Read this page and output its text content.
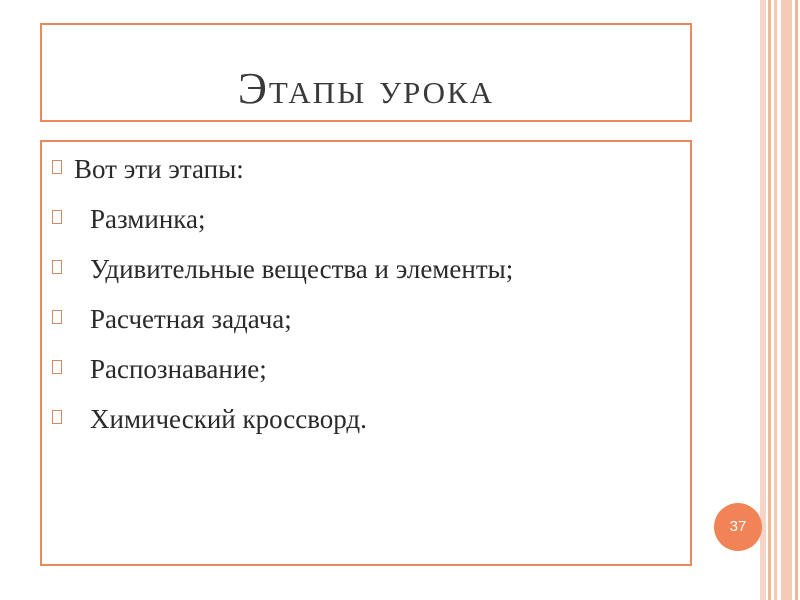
Этапы урока
Вот эти этапы:
Разминка;
Удивительные вещества и элементы;
Расчетная задача;
Распознавание;
Химический кроссворд.
37
